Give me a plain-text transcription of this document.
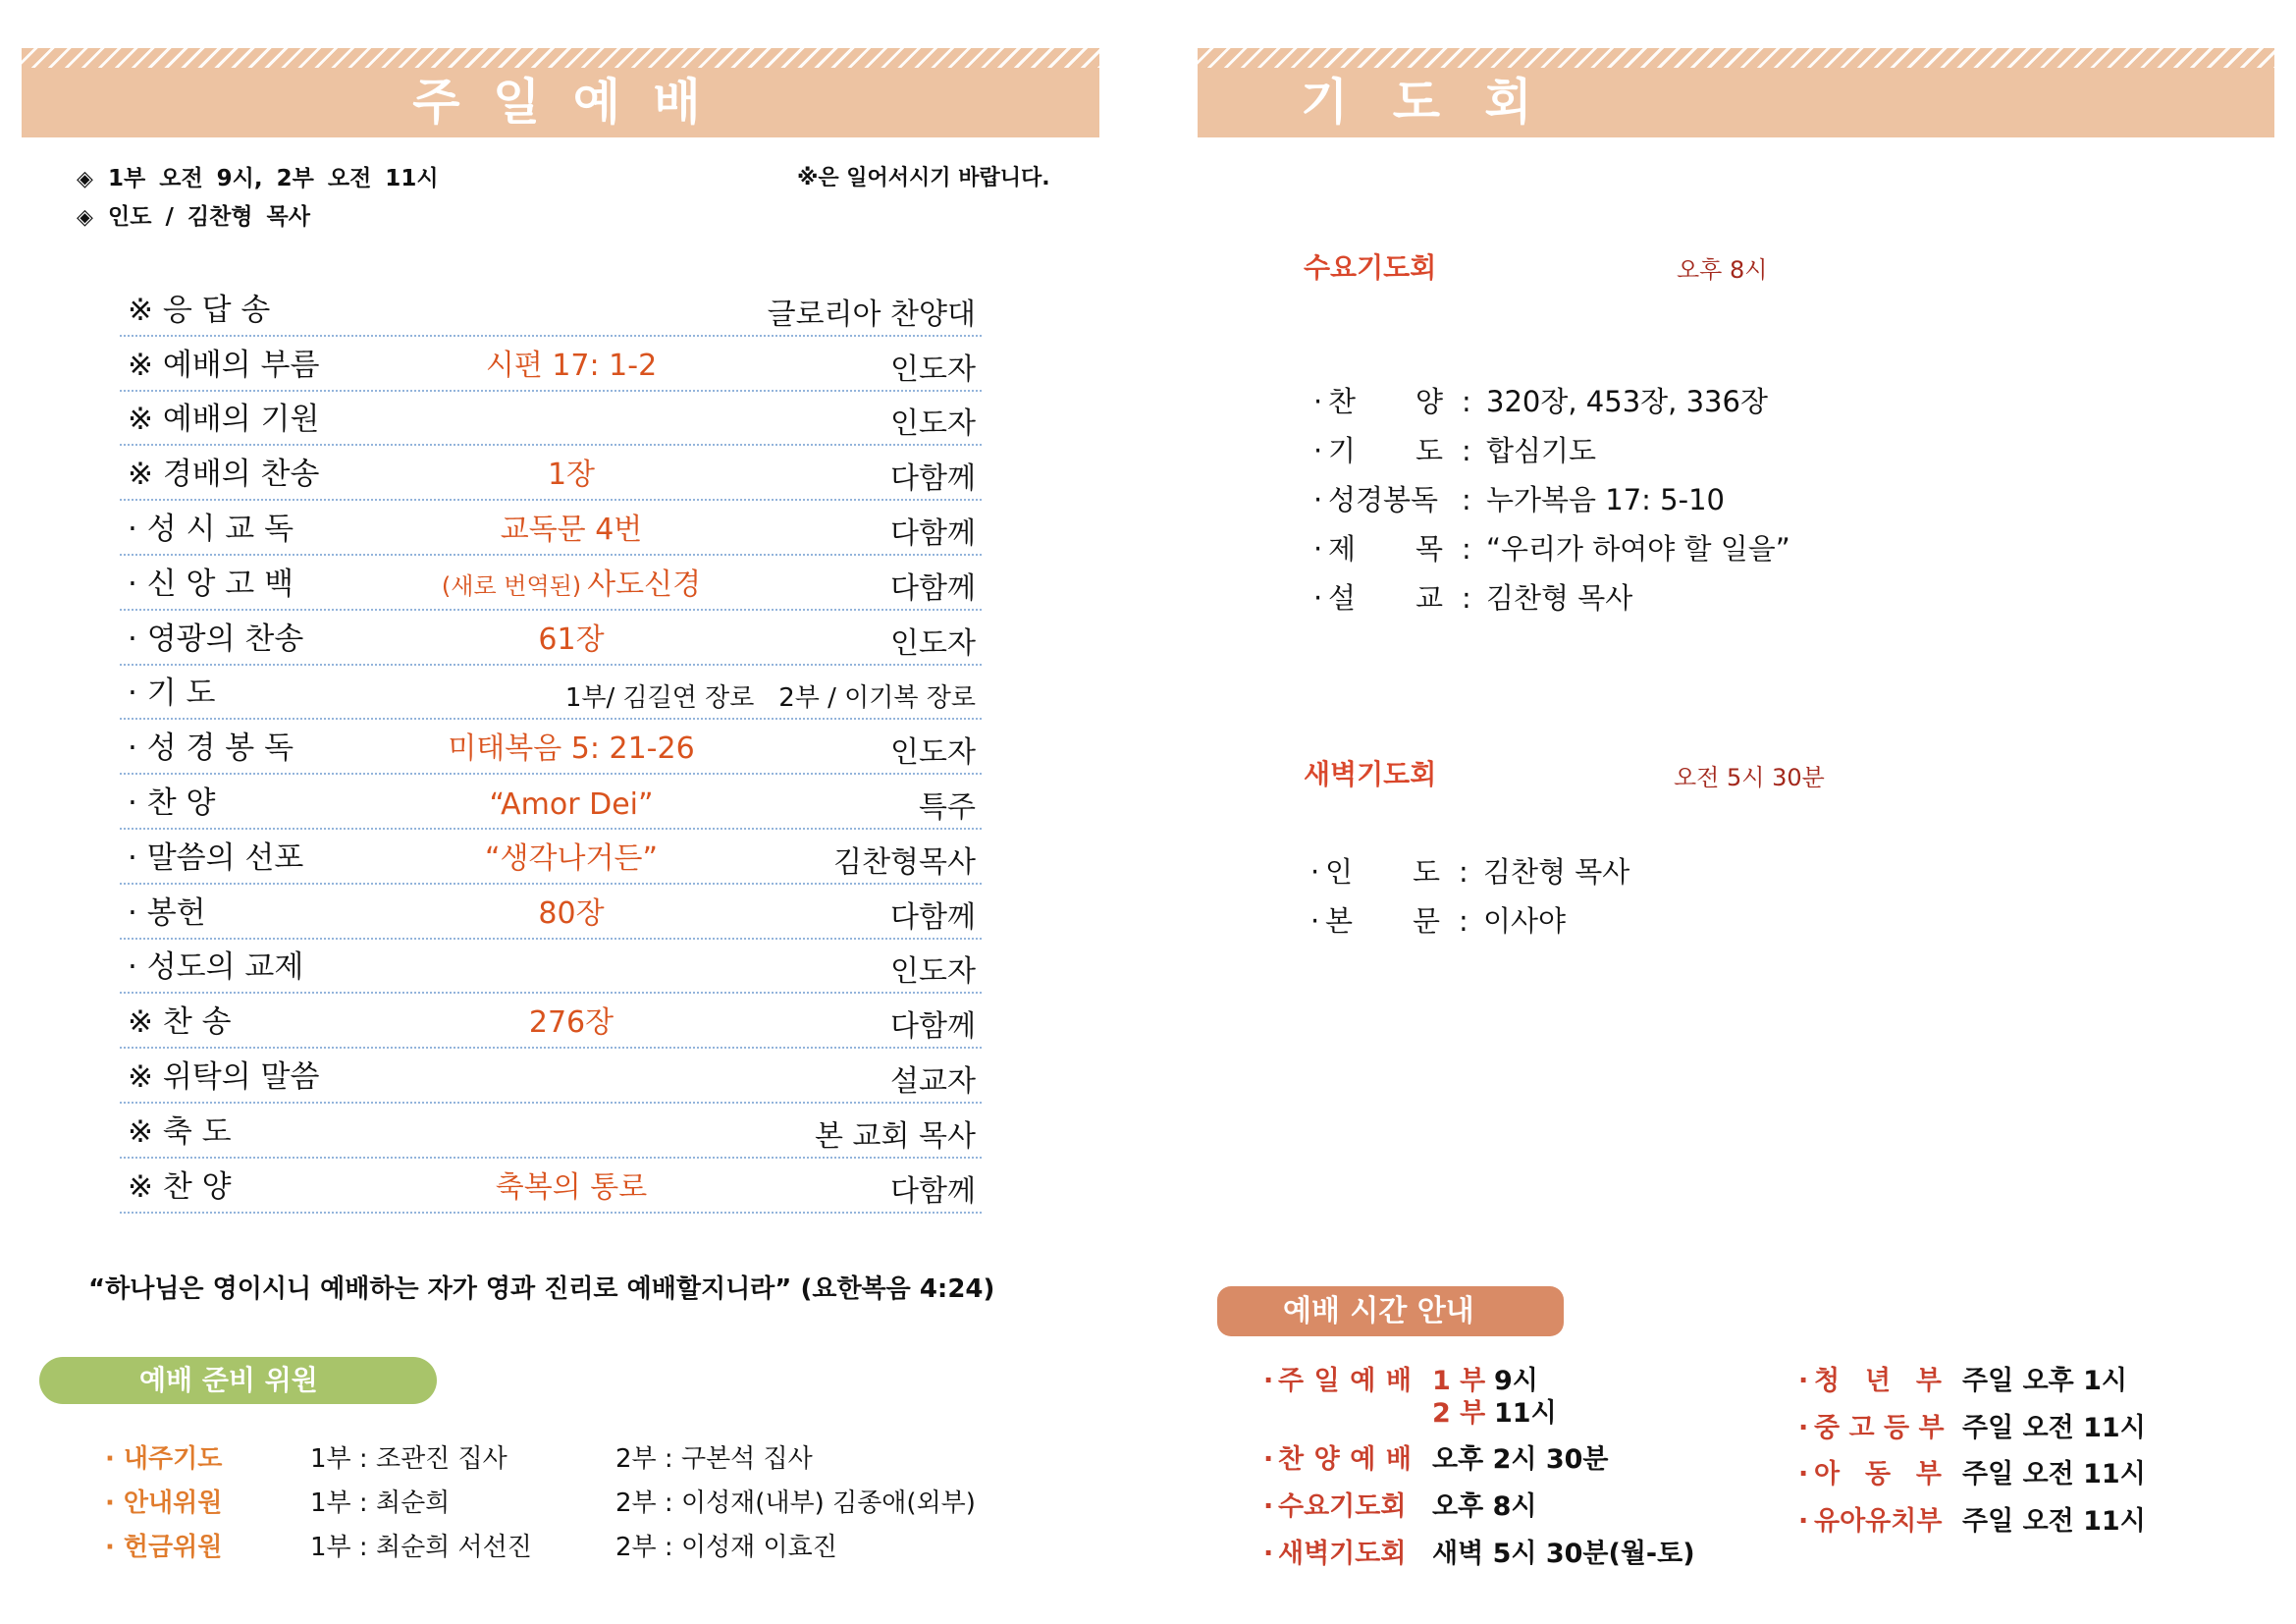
주 일 예 배
◈ 1부 오전 9시, 2부 오전 11시
◈ 인도 / 김찬형 목사
※은 일어서시기 바랍니다.
※ 응 답 송	글로리아 찬양대
※ 예배의 부름	시편 17: 1-2	인도자
※ 예배의 기원	인도자
※ 경배의 찬송	1장	다함께
· 성 시 교 독	교독문 4번	다함께
· 신 앙 고 백	(새로 번역된) 사도신경	다함께
· 영광의 찬송	61장	인도자
· 기 도	1부/ 김길연 장로   2부 / 이기복 장로
· 성 경 봉 독	미태복음 5: 21-26	인도자
· 찬 양	“Amor Dei”	특주
· 말씀의 선포	“생각나거든”	김찬형목사
· 봉헌	80장	다함께
· 성도의 교제	인도자
※ 찬 송	276장	다함께
※ 위탁의 말씀	설교자
※ 축 도	본 교회 목사
※ 찬 양	축복의 통로	다함께
“하나님은 영이시니 예배하는 자가 영과 진리로 예배할지니라” (요한복음 4:24)
예배 준비 위원
· 내주기도	1부 : 조관진 집사	2부 : 구본석 집사
· 안내위원	1부 : 최순희	2부 : 이성재(내부) 김종애(외부)
· 헌금위원	1부 : 최순희 서선진	2부 : 이성재 이효진
기 도 회
수요기도회	오후 8시
· 찬 양 : 320장, 453장, 336장
· 기 도 : 합심기도
· 성경봉독 : 누가복음 17: 5-10
· 제 목 : “우리가 하여야 할 일을”
· 설 교 : 김찬형 목사
새벽기도회	오전 5시 30분
· 인 도 : 김찬형 목사
· 본 문 : 이사야
예배 시간 안내
· 주 일 예 배 1 부 9시
2 부 11시
· 찬 양 예 배 오후 2시 30분
· 수요기도회 오후 8시
· 새벽기도회 새벽 5시 30분(월-토)
· 청 년 부 주일 오후 1시
· 중 고 등 부 주일 오전 11시
· 아 동 부 주일 오전 11시
· 유아유치부 주일 오전 11시
